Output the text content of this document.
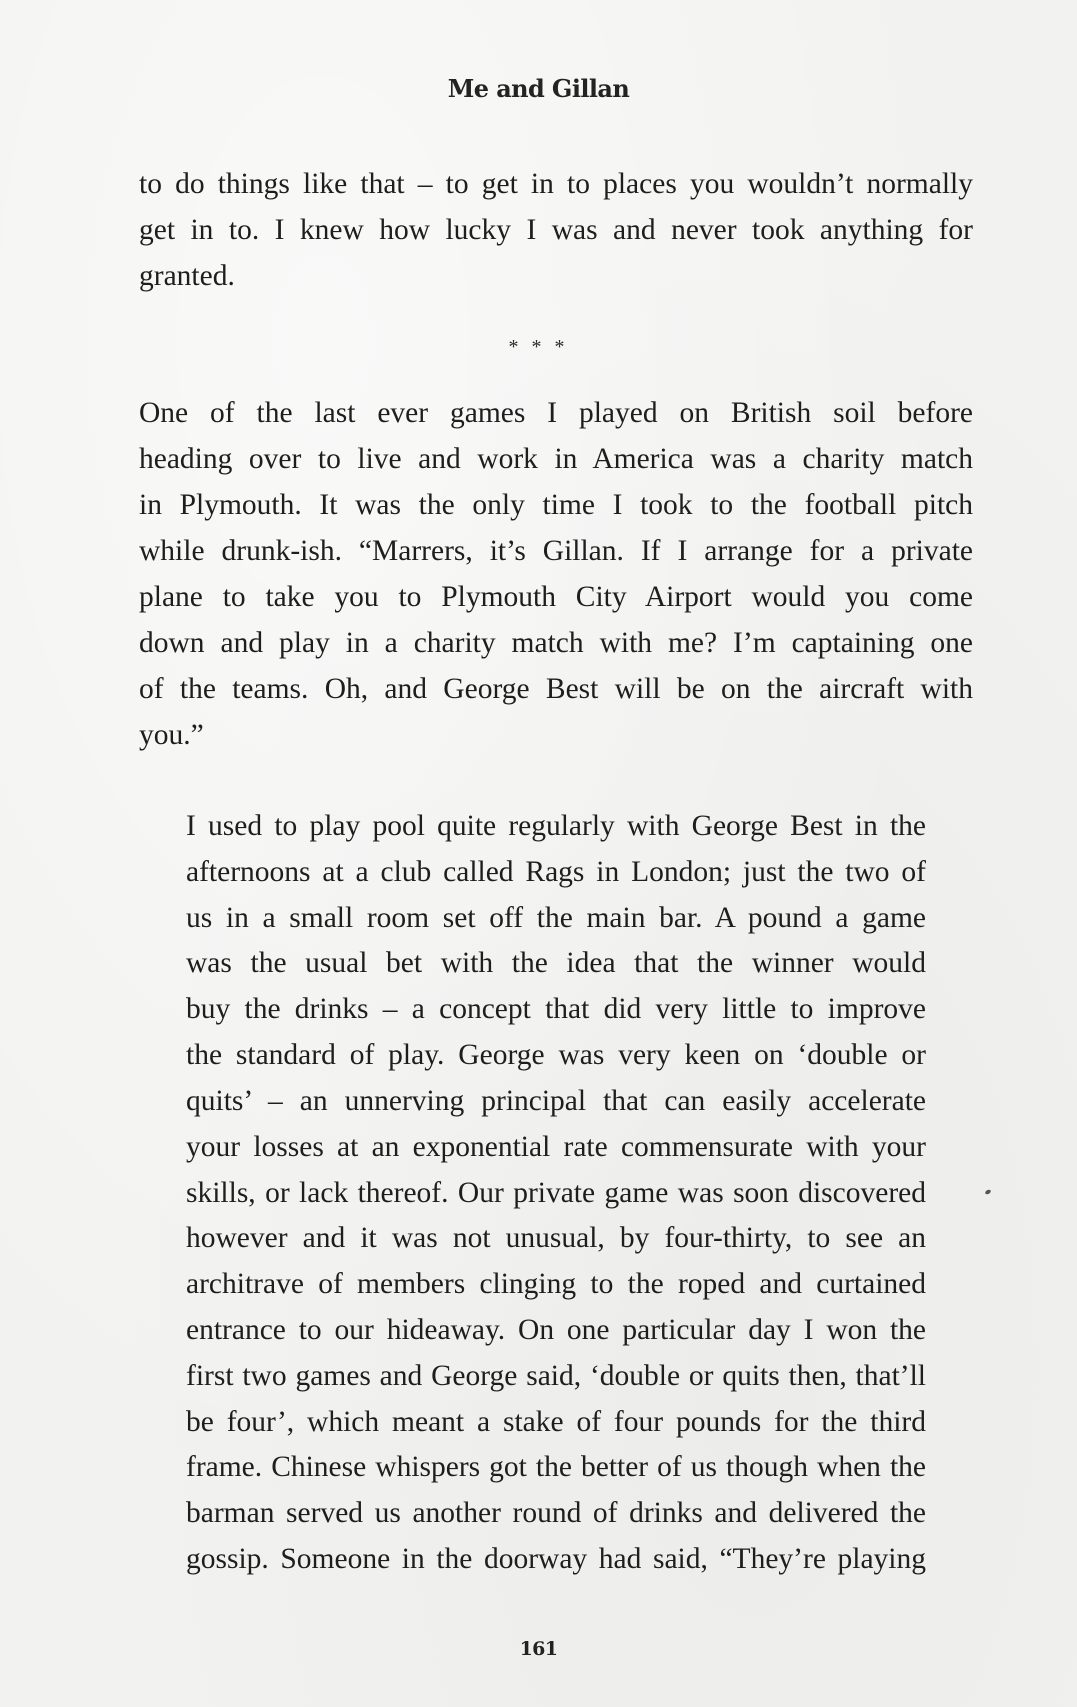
Me and Gillan
to do things like that – to get in to places you wouldn’t normally
get in to. I knew how lucky I was and never took anything for
granted.
* * *
One of the last ever games I played on British soil before
heading over to live and work in America was a charity match
in Plymouth. It was the only time I took to the football pitch
while drunk-ish. “Marrers, it’s Gillan. If I arrange for a private
plane to take you to Plymouth City Airport would you come
down and play in a charity match with me? I’m captaining one
of the teams. Oh, and George Best will be on the aircraft with
you.”
I used to play pool quite regularly with George Best in the
afternoons at a club called Rags in London; just the two of
us in a small room set off the main bar. A pound a game
was the usual bet with the idea that the winner would
buy the drinks – a concept that did very little to improve
the standard of play. George was very keen on ‘double or
quits’ – an unnerving principal that can easily accelerate
your losses at an exponential rate commensurate with your
skills, or lack thereof. Our private game was soon discovered
however and it was not unusual, by four-thirty, to see an
architrave of members clinging to the roped and curtained
entrance to our hideaway. On one particular day I won the
first two games and George said, ‘double or quits then, that’ll
be four’, which meant a stake of four pounds for the third
frame. Chinese whispers got the better of us though when the
barman served us another round of drinks and delivered the
gossip. Someone in the doorway had said, “They’re playing
161
